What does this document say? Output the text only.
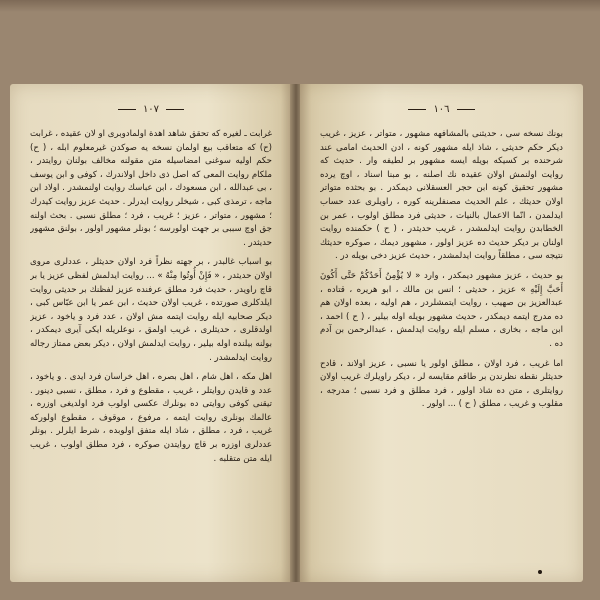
١٠٧

غرابت ـ لغيره كه تحقق شاهد اهدة اولمادوبرى او لان عقيده ، غرابت (ح) كه متعاقب بيع اولمان نسخه يه صوكدن غيرمعلوم ابله ، ( ح) حكم اوليه سوغنى امضاسيله متن مقولنه مخالف بولنان روايتدر ، ملكام روايت المعى كه اصل ذى داخل اولاندرك ، كوفى و ابن يوسف ، بى عبدالله ، ابن مسعودك ، ابن عباسك روايت اولنمشدر . اولاد ابن ماجه ، ترمذى كبى ، شيخلر روايت ايدرلر . حديث عزيز روايت كيدرك ؛ مشهور ، متواتر ، عزيز ؛ غريب ، فرد ؛ مطلق نسبى . بحث اولنه جق اوچ سببى بر جهت اولورسه ؛ بونلر مشهور اولور ، بولنق مشهور حديثدر .

بو اسباب غالبدر ، بر جهته نظراً فرد اولان حديثلر ، عددلرى مروى اولان حديثدر ، « فَإِنْ أُوتُوا مِنْهُ » ... روايت ايدلمش لفظى عزيز يا بر قاچ راويدر ، حديث فرد مطلق عرفنده عزيز لفظنك بر حديثى روايت ايلدكلرى صورتده ، غريب اولان حديث ، ابن عمر يا ابن عبّاس كبى ، ديكر صحابيه ايله روايت ايتمه مش اولان ، عدد فرد و ياخود ، عزيز اولدقلرى ، حديثلرى ، غريب اولمق ، نوعلريله ايكى آيرى ديمكدر ، بولنه بيلنده اوله بيلير ، روايت ايدلمش اولان ، ديكر بعض ممتاز رجاله روايت ايدلمشدر .

اهل مكه ، اهل شام ، اهل بصره ، اهل خراسان فرد ايدى . و ياخود ، عدد و قايدن روايتلر ، غريب ، مقطوع و فرد ، مطلق ، نسبى دينور . تيقنى كوفى روايتى ده بونلرك عكسى اولوب فرد اولديغى اوزره ، عالمك بونلرى روايت ايتمه ، مرفوع ، موقوف ، مقطوع اولوركه غريب ، فرد ، مطلق ، شاذ ايله متفق اولوبده ، شرط ايلرلر . بونلر عددلرى اوزره بر قاچ روايتدن صوكره ، فرد مطلق اولوب ، غريب ايله متن متقلبه .

١٠٦

بونك نسخه سى ، حديثنى بالمشافهه مشهور ، متواتر ، عزيز ، غريب ديكر حكم حديثى ، شاذ ايله مشهور كونه ، ادن الحديث امامى عند شرحنده بر كسيكه بويله ايسه مشهور بر لطيفه وار . حديث كه روايت اولنمش اولان عقيده نك اصلنه ، بو مبنا اسناد ، اوچ يرده مشهور تحقيق كونه ابن حجر العسقلانى ديمكدر . بو بحثده متواتر اولان حديثك ، علم الحديث مصنفلرينه كوره ، راويلرى عدد حساب ايدلمدن ، انّما الاعمال بالنيات ، حديثى فرد مطلق اولوب ، عمر بن الخطابدن روايت ايدلمشدر ، غريب حديثدر ، ( ح ) حكمنده روايت اولنان بر ديكر حديث ده عزيز اولور ، مشهور ديمك ، صوكره حديثك نتيجه سى ، مطلقاً روايت ايدلمشدر ، حديث عزيز دخى بويله در .

بو حديث ، عزيز مشهور ديمكدر ، وارد « لا يُؤْمِنُ أَحَدُكُمْ حَتَّى أَكُونَ أَحَبَّ إِلَيْهِ » عزيز ، حديثى ؛ انس بن مالك ، ابو هريره ، قتاده ، عبدالعزيز بن صهيب ، روايت ايتمشلردر ، هم اوليه ، بعده اولان هم ده مدرج ايتمه ديمكدر ، حديث مشهور بويله اوله بيلير ، ( ح ) احمد ، ابن ماجه ، بخارى ، مسلم ايله روايت ايدلمش ، عبدالرحمن بن آدم ده .

اما غريب ، فرد اولان ، مطلق اولور يا نسبى ، عزيز اولاند ، قادح حديثلر نقطه نظرندن بر طاقم مقايسه لر ، ديكر راويلرك غريب اولان روايتلرى ، متن ده شاذ اولور ، فرد مطلق و فرد نسبى ؛ مدرجه ، مقلوب و غريب ، مطلق ( ح ) ... اولور .
